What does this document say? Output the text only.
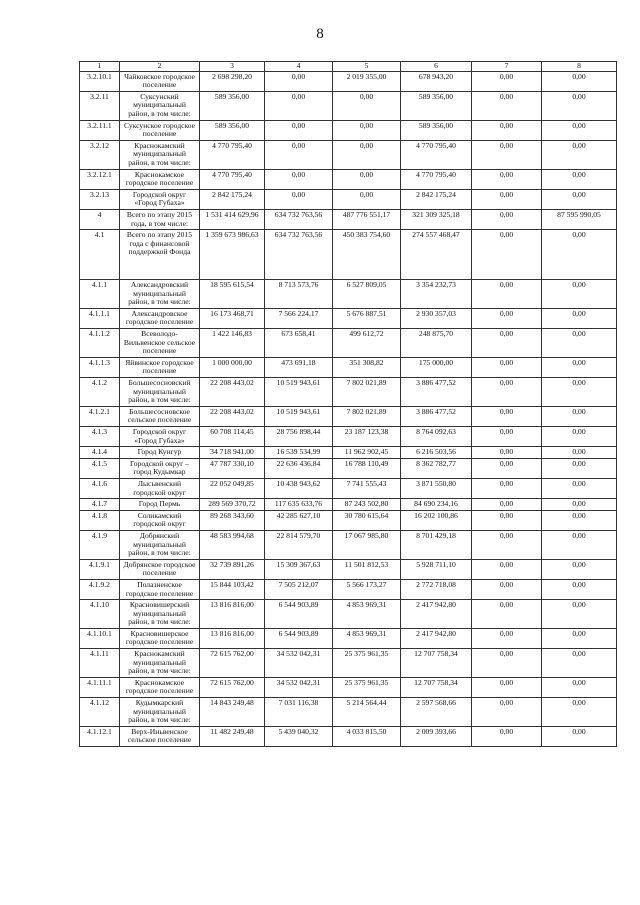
8
1	2	3	4	5	6	7	8
3.2.10.1	Чайковское городское поселение	2 698 298,20	0,00	2 019 355,00	678 943,20	0,00	0,00
3.2.11	Суксунский муниципальный район, в том числе:	589 356,00	0,00	0,00	589 356,00	0,00	0,00
3.2.11.1	Суксунское городское поселение	589 356,00	0,00	0,00	589 356,00	0,00	0,00
3.2.12	Краснокамский муниципальный район, в том числе:	4 770 795,40	0,00	0,00	4 770 795,40	0,00	0,00
3.2.12.1	Краснокамское городское поселение	4 770 795,40	0,00	0,00	4 770 795,40	0,00	0,00
3.2.13	Городской округ «Город Губаха»	2 842 175,24	0,00	0,00	2 842 175,24	0,00	0,00
4	Всего по этапу 2015 года, в том числе:	1 531 414 629,96	634 732 763,56	487 776 551,17	321 309 325,18	0,00	87 595 990,05
4.1	Всего по этапу 2015 года с финансовой поддержкой Фонда	1 359 673 986,63	634 732 763,56	450 383 754,60	274 557 468,47	0,00	0,00
4.1.1	Александровский муниципальный район, в том числе:	18 595 615,54	8 713 573,76	6 527 809,05	3 354 232,73	0,00	0,00
4.1.1.1	Александровское городское поселение	16 173 468,71	7 566 224,17	5 676 887,51	2 930 357,03	0,00	0,00
4.1.1.2	Всеволодо-Вильвенское сельское поселение	1 422 146,83	673 658,41	499 612,72	248 875,70	0,00	0,00
4.1.1.3	Яйвинское городское поселение	1 000 000,00	473 691,18	351 308,82	175 000,00	0,00	0,00
4.1.2	Большесосновский муниципальный район, в том числе:	22 208 443,02	10 519 943,61	7 802 021,89	3 886 477,52	0,00	0,00
4.1.2.1	Большесосновское сельское поселение	22 208 443,02	10 519 943,61	7 802 021,89	3 886 477,52	0,00	0,00
4.1.3	Городской округ «Город Губаха»	60 708 114,45	28 756 898,44	23 187 123,38	8 764 092,63	0,00	0,00
4.1.4	Город Кунгур	34 718 941,00	16 539 534,99	11 962 902,45	6 216 503,56	0,00	0,00
4.1.5	Городской округ – город Кудымкар	47 787 330,10	22 636 436,84	16 788 110,49	8 362 782,77	0,00	0,00
4.1.6	Лысьвенский городской округ	22 052 049,85	10 438 943,62	7 741 555,43	3 871 550,80	0,00	0,00
4.1.7	Город Пермь	289 569 370,72	117 635 633,76	87 243 502,80	84 690 234,16	0,00	0,00
4.1.8	Соликамский городской округ	89 268 343,60	42 285 627,10	30 780 615,64	16 202 100,86	0,00	0,00
4.1.9	Добрянский муниципальный район, в том числе:	48 583 994,68	22 814 579,70	17 067 985,80	8 701 429,18	0,00	0,00
4.1.9.1	Добрянское городское поселение	32 739 891,26	15 309 367,63	11 501 812,53	5 928 711,10	0,00	0,00
4.1.9.2	Полазненское городское поселение	15 844 103,42	7 505 212,07	5 566 173,27	2 772 718,08	0,00	0,00
4.1.10	Красновишерский муниципальный район, в том числе:	13 816 816,00	6 544 903,89	4 853 969,31	2 417 942,80	0,00	0,00
4.1.10.1	Красновишерское городское поселение	13 816 816,00	6 544 903,89	4 853 969,31	2 417 942,80	0,00	0,00
4.1.11	Краснокамский муниципальный район, в том числе:	72 615 762,00	34 532 042,31	25 375 961,35	12 707 758,34	0,00	0,00
4.1.11.1	Краснокамское городское поселение	72 615 762,00	34 532 042,31	25 375 961,35	12 707 758,34	0,00	0,00
4.1.12	Кудымкарский муниципальный район, в том числе:	14 843 249,48	7 031 116,38	5 214 564,44	2 597 568,66	0,00	0,00
4.1.12.1	Верх-Иньвенское сельское поселение	11 482 249,48	5 439 040,32	4 033 815,50	2 009 393,66	0,00	0,00
